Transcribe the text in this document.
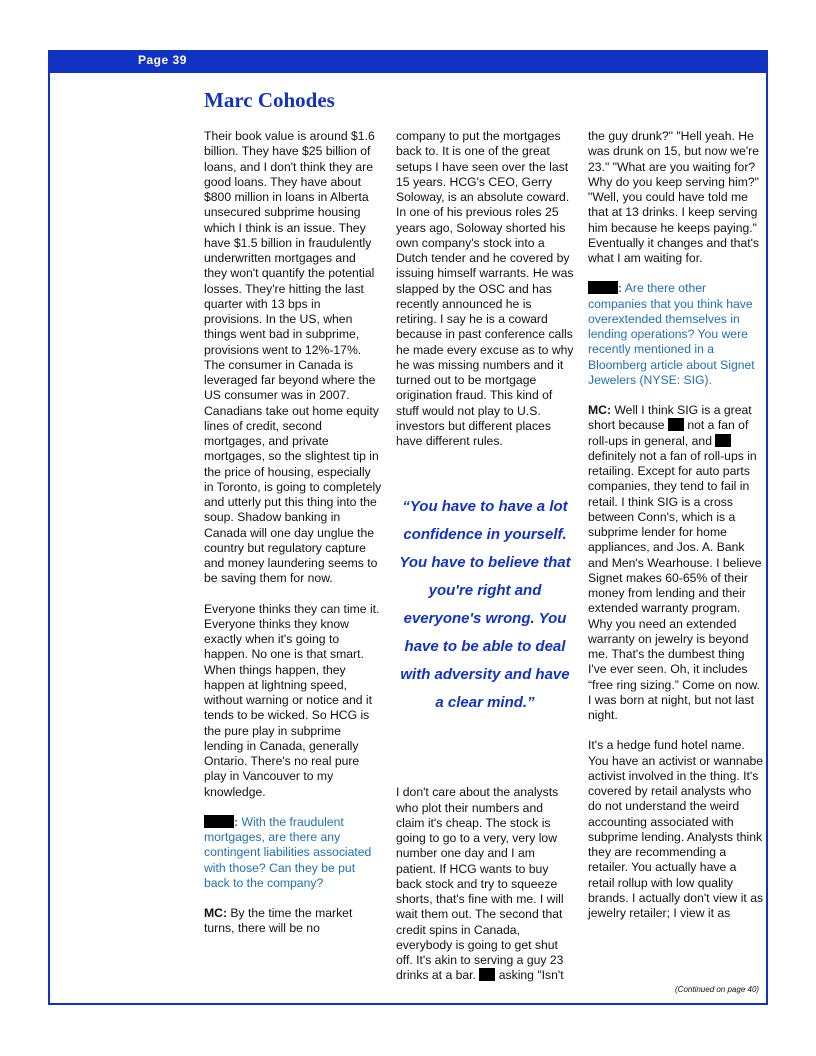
Page 39
Marc Cohodes

Their book value is around $1.6 billion. They have $25 billion of loans, and I don't think they are good loans. They have about $800 million in loans in Alberta unsecured subprime housing which I think is an issue. They have $1.5 billion in fraudulently underwritten mortgages and they won't quantify the potential losses. They're hitting the last quarter with 13 bps in provisions. In the US, when things went bad in subprime, provisions went to 12%-17%. The consumer in Canada is leveraged far beyond where the US consumer was in 2007. Canadians take out home equity lines of credit, second mortgages, and private mortgages, so the slightest tip in the price of housing, especially in Toronto, is going to completely and utterly put this thing into the soup. Shadow banking in Canada will one day unglue the country but regulatory capture and money laundering seems to be saving them for now.

Everyone thinks they can time it. Everyone thinks they know exactly when it's going to happen. No one is that smart. When things happen, they happen at lightning speed, without warning or notice and it tends to be wicked. So HCG is the pure play in subprime lending in Canada, generally Ontario. There's no real pure play in Vancouver to my knowledge.

: With the fraudulent mortgages, are there any contingent liabilities associated with those? Can they be put back to the company?

MC: By the time the market turns, there will be no

company to put the mortgages back to. It is one of the great setups I have seen over the last 15 years. HCG's CEO, Gerry Soloway, is an absolute coward. In one of his previous roles 25 years ago, Soloway shorted his own company's stock into a Dutch tender and he covered by issuing himself warrants. He was slapped by the OSC and has recently announced he is retiring. I say he is a coward because in past conference calls he made every excuse as to why he was missing numbers and it turned out to be mortgage origination fraud. This kind of stuff would not play to U.S. investors but different places have different rules.

“You have to have a lot confidence in yourself. You have to believe that you're right and everyone's wrong. You have to be able to deal with adversity and have a clear mind.”

I don't care about the analysts who plot their numbers and claim it's cheap. The stock is going to go to a very, very low number one day and I am patient. If HCG wants to buy back stock and try to squeeze shorts, that's fine with me. I will wait them out. The second that credit spins in Canada, everybody is going to get shut off. It's akin to serving a guy 23 drinks at a bar.  asking "Isn't

the guy drunk?" "Hell yeah. He was drunk on 15, but now we're 23." "What are you waiting for? Why do you keep serving him?" "Well, you could have told me that at 13 drinks. I keep serving him because he keeps paying." Eventually it changes and that's what I am waiting for.

: Are there other companies that you think have overextended themselves in lending operations? You were recently mentioned in a Bloomberg article about Signet Jewelers (NYSE: SIG).

MC: Well I think SIG is a great short because  not a fan of roll-ups in general, and  definitely not a fan of roll-ups in retailing. Except for auto parts companies, they tend to fail in retail. I think SIG is a cross between Conn's, which is a subprime lender for home appliances, and Jos. A. Bank and Men's Wearhouse. I believe Signet makes 60-65% of their money from lending and their extended warranty program. Why you need an extended warranty on jewelry is beyond me. That's the dumbest thing I've ever seen. Oh, it includes “free ring sizing.” Come on now. I was born at night, but not last night.

It's a hedge fund hotel name. You have an activist or wannabe activist involved in the thing. It's covered by retail analysts who do not understand the weird accounting associated with subprime lending. Analysts think they are recommending a retailer. You actually have a retail rollup with low quality brands. I actually don't view it as jewelry retailer; I view it as

(Continued on page 40)
